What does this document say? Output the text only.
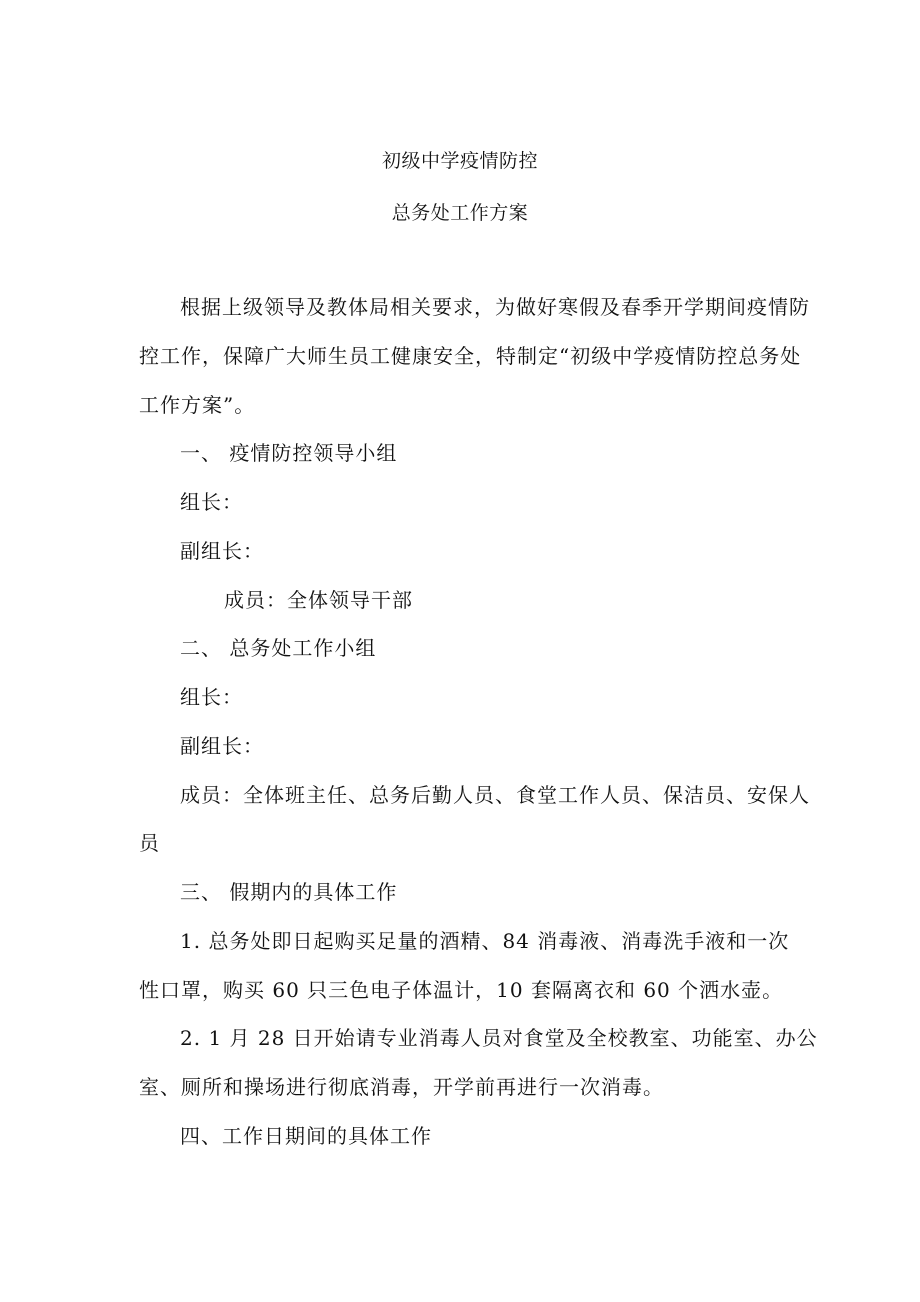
初级中学疫情防控
总务处工作方案
根据上级领导及教体局相关要求，为做好寒假及春季开学期间疫情防
控工作，保障广大师生员工健康安全，特制定“初级中学疫情防控总务处
工作方案”。
一、 疫情防控领导小组
组长：
副组长：
成员：全体领导干部
二、 总务处工作小组
组长：
副组长：
成员：全体班主任、总务后勤人员、食堂工作人员、保洁员、安保人
员
三、 假期内的具体工作
1. 总务处即日起购买足量的酒精、84 消毒液、消毒洗手液和一次
性口罩，购买 60 只三色电子体温计，10 套隔离衣和 60 个洒水壶。
2. 1 月 28 日开始请专业消毒人员对食堂及全校教室、功能室、办公
室、厕所和操场进行彻底消毒，开学前再进行一次消毒。
四、工作日期间的具体工作
